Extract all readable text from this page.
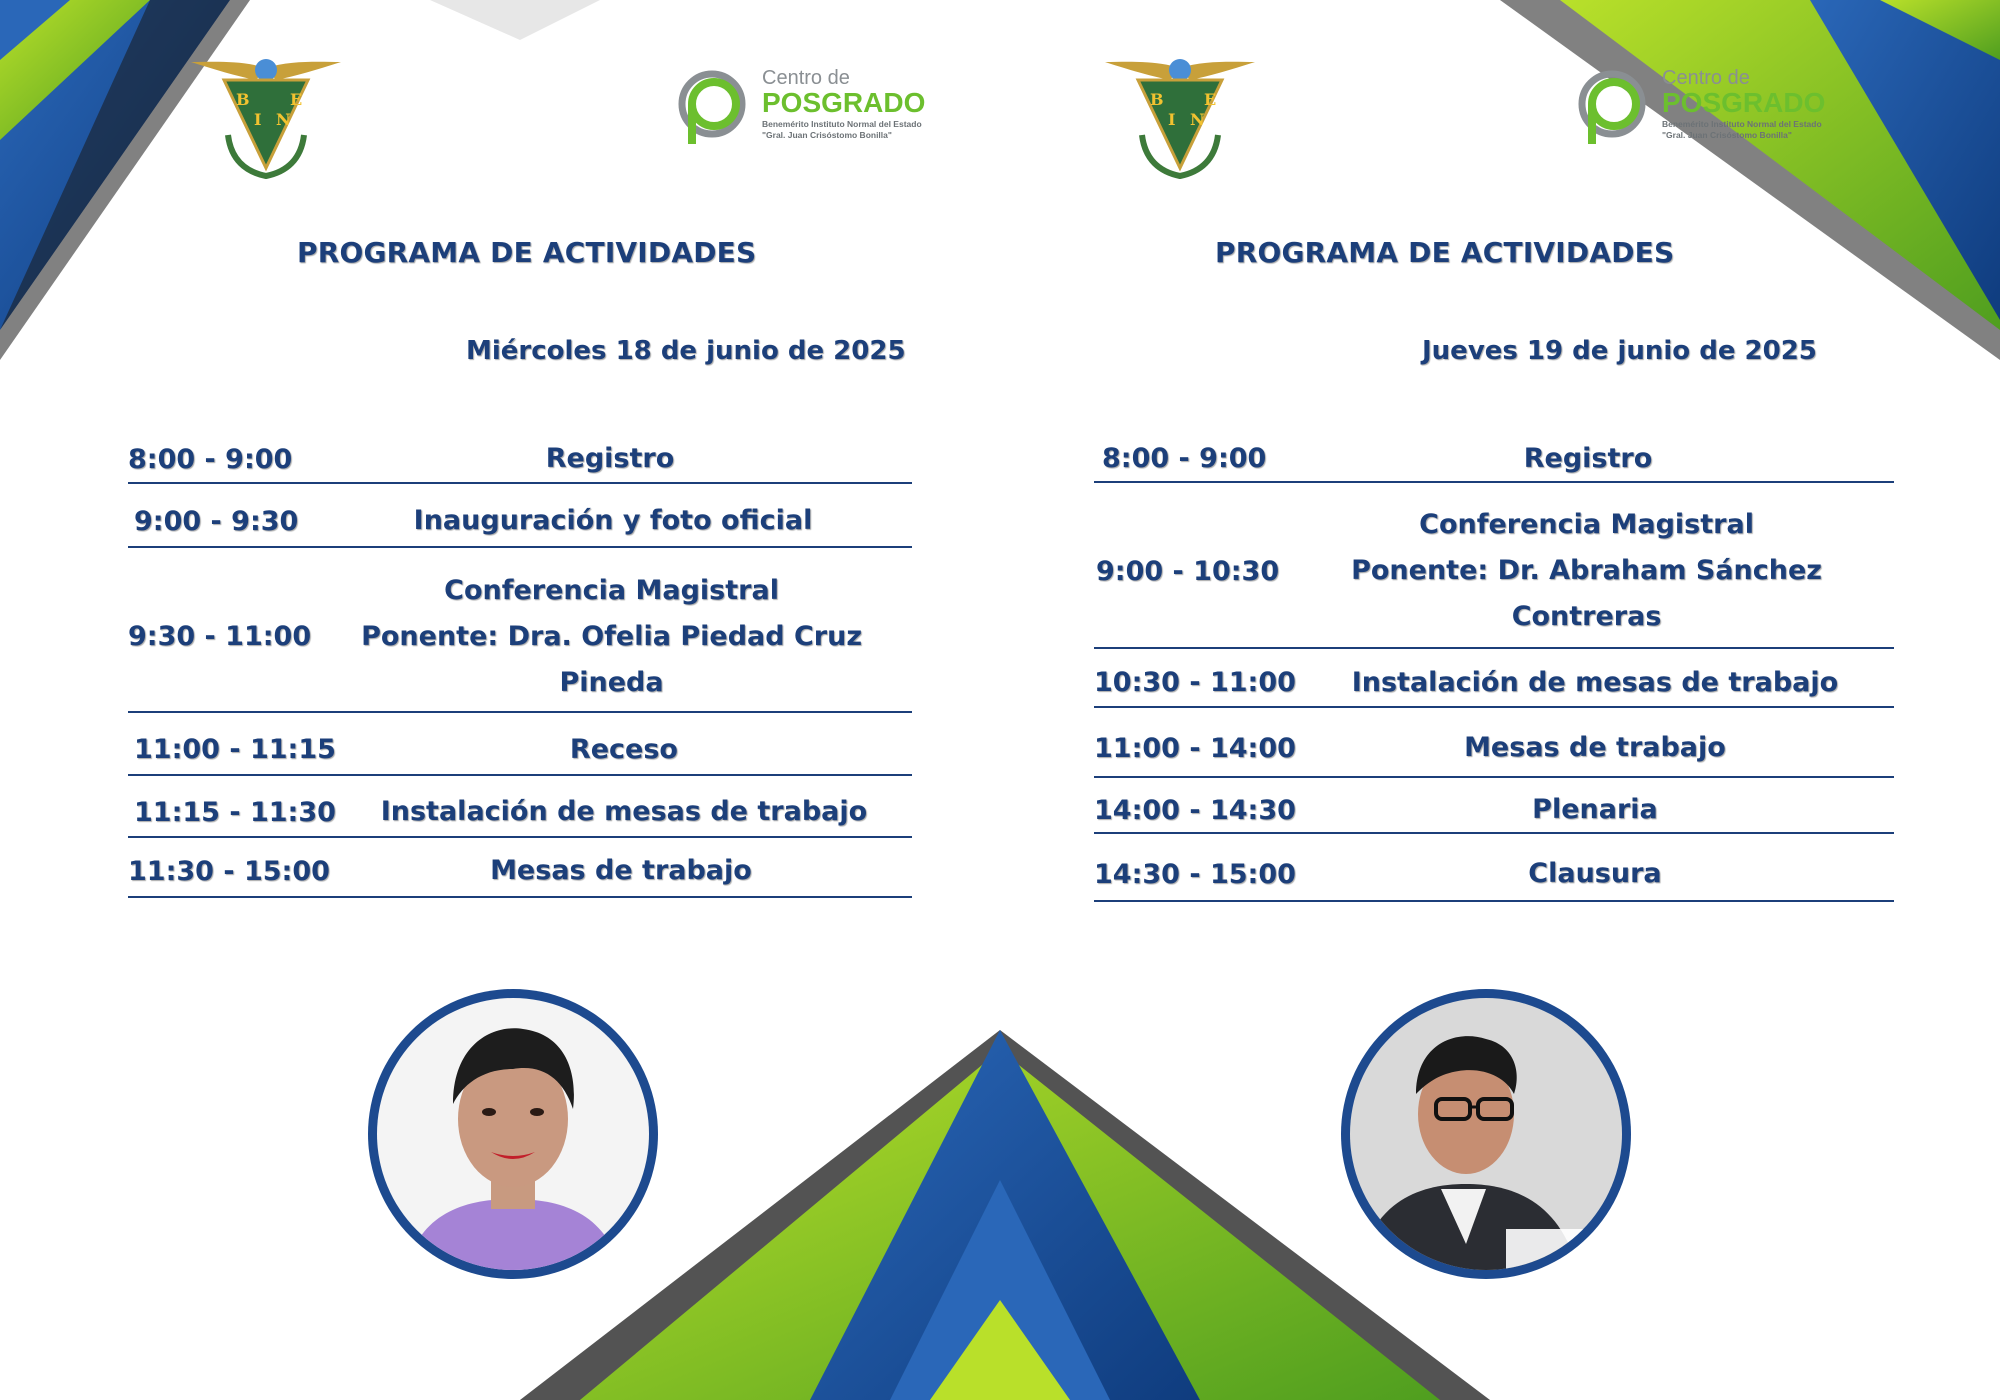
B
I N
E
Centro de
POSGRADO
Benemérito Instituto Normal del Estado
"Gral. Juan Crisóstomo Bonilla"
B
I N
E
Centro de
POSGRADO
Benemérito Instituto Normal del Estado
"Gral. Juan Crisóstomo Bonilla"
PROGRAMA DE ACTIVIDADES	PROGRAMA DE ACTIVIDADES
Miércoles 18 de junio de 2025	Jueves 19 de junio de 2025
8:00 - 9:00	Registro
9:00 - 9:30	Inauguración y foto oficial
9:30 - 11:00
Conferencia Magistral
Ponente: Dra. Ofelia Piedad Cruz
Pineda
11:00 - 11:15	Receso
11:15 - 11:30	Instalación de mesas de trabajo
11:30 - 15:00	Mesas de trabajo
8:00 - 9:00	Registro
9:00 - 10:30
Conferencia Magistral
Ponente: Dr. Abraham Sánchez
Contreras
10:30 - 11:00	Instalación de mesas de trabajo
11:00 - 14:00	Mesas de trabajo
14:00 - 14:30	Plenaria
14:30 - 15:00	Clausura
